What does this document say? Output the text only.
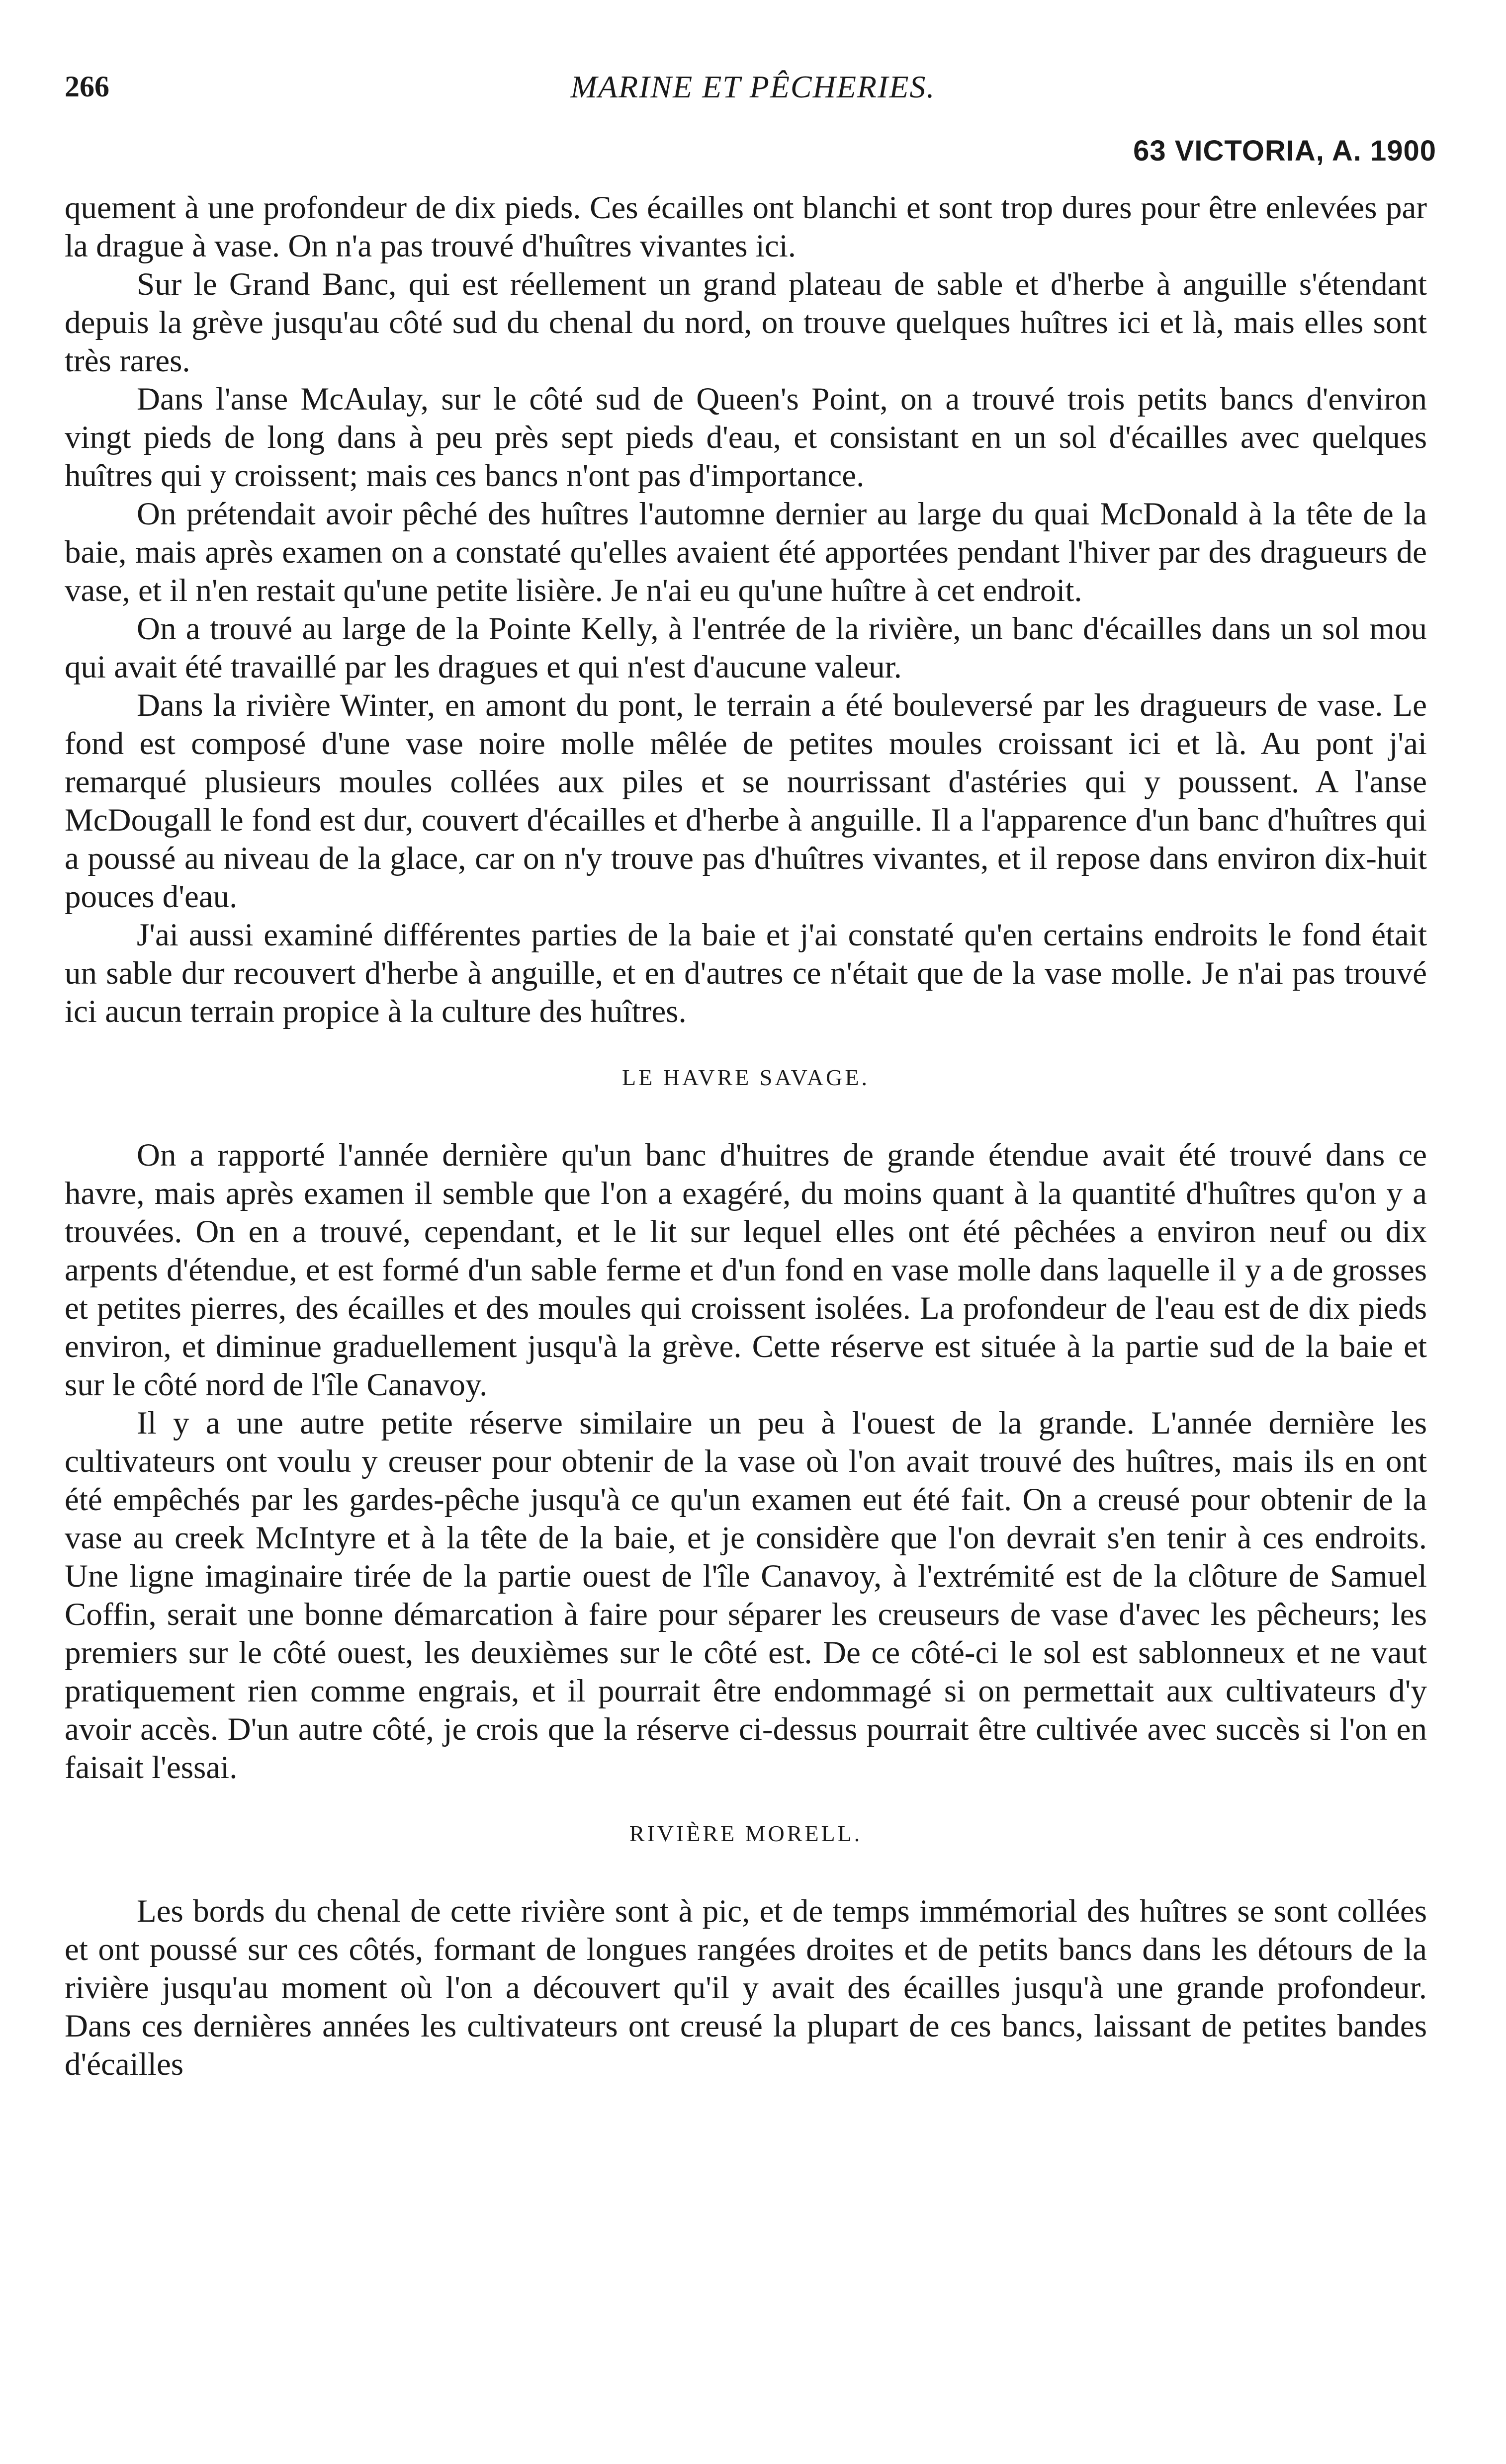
266	MARINE ET PÊCHERIES.
63 VICTORIA, A. 1900

quement à une profondeur de dix pieds. Ces écailles ont blanchi et sont trop dures pour être enlevées par la drague à vase. On n'a pas trouvé d'huîtres vivantes ici.

Sur le Grand Banc, qui est réellement un grand plateau de sable et d'herbe à anguille s'étendant depuis la grève jusqu'au côté sud du chenal du nord, on trouve quelques huîtres ici et là, mais elles sont très rares.

Dans l'anse McAulay, sur le côté sud de Queen's Point, on a trouvé trois petits bancs d'environ vingt pieds de long dans à peu près sept pieds d'eau, et consistant en un sol d'écailles avec quelques huîtres qui y croissent; mais ces bancs n'ont pas d'importance.

On prétendait avoir pêché des huîtres l'automne dernier au large du quai McDonald à la tête de la baie, mais après examen on a constaté qu'elles avaient été apportées pendant l'hiver par des dragueurs de vase, et il n'en restait qu'une petite lisière. Je n'ai eu qu'une huître à cet endroit.

On a trouvé au large de la Pointe Kelly, à l'entrée de la rivière, un banc d'écailles dans un sol mou qui avait été travaillé par les dragues et qui n'est d'aucune valeur.

Dans la rivière Winter, en amont du pont, le terrain a été bouleversé par les dragueurs de vase. Le fond est composé d'une vase noire molle mêlée de petites moules croissant ici et là. Au pont j'ai remarqué plusieurs moules collées aux piles et se nourrissant d'astéries qui y poussent. A l'anse McDougall le fond est dur, couvert d'écailles et d'herbe à anguille. Il a l'apparence d'un banc d'huîtres qui a poussé au niveau de la glace, car on n'y trouve pas d'huîtres vivantes, et il repose dans environ dix-huit pouces d'eau.

J'ai aussi examiné différentes parties de la baie et j'ai constaté qu'en certains endroits le fond était un sable dur recouvert d'herbe à anguille, et en d'autres ce n'était que de la vase molle. Je n'ai pas trouvé ici aucun terrain propice à la culture des huîtres.

LE HAVRE SAVAGE.

On a rapporté l'année dernière qu'un banc d'huitres de grande étendue avait été trouvé dans ce havre, mais après examen il semble que l'on a exagéré, du moins quant à la quantité d'huîtres qu'on y a trouvées. On en a trouvé, cependant, et le lit sur lequel elles ont été pêchées a environ neuf ou dix arpents d'étendue, et est formé d'un sable ferme et d'un fond en vase molle dans laquelle il y a de grosses et petites pierres, des écailles et des moules qui croissent isolées. La profondeur de l'eau est de dix pieds environ, et diminue graduellement jusqu'à la grève. Cette réserve est située à la partie sud de la baie et sur le côté nord de l'île Canavoy.

Il y a une autre petite réserve similaire un peu à l'ouest de la grande. L'année dernière les cultivateurs ont voulu y creuser pour obtenir de la vase où l'on avait trouvé des huîtres, mais ils en ont été empêchés par les gardes-pêche jusqu'à ce qu'un examen eut été fait. On a creusé pour obtenir de la vase au creek McIntyre et à la tête de la baie, et je considère que l'on devrait s'en tenir à ces endroits. Une ligne imaginaire tirée de la partie ouest de l'île Canavoy, à l'extrémité est de la clôture de Samuel Coffin, serait une bonne démarcation à faire pour séparer les creuseurs de vase d'avec les pêcheurs; les premiers sur le côté ouest, les deuxièmes sur le côté est. De ce côté-ci le sol est sablonneux et ne vaut pratiquement rien comme engrais, et il pourrait être endommagé si on permettait aux cultivateurs d'y avoir accès. D'un autre côté, je crois que la réserve ci-dessus pourrait être cultivée avec succès si l'on en faisait l'essai.

RIVIÈRE MORELL.

Les bords du chenal de cette rivière sont à pic, et de temps immémorial des huîtres se sont collées et ont poussé sur ces côtés, formant de longues rangées droites et de petits bancs dans les détours de la rivière jusqu'au moment où l'on a découvert qu'il y avait des écailles jusqu'à une grande profondeur. Dans ces dernières années les cultivateurs ont creusé la plupart de ces bancs, laissant de petites bandes d'écailles
